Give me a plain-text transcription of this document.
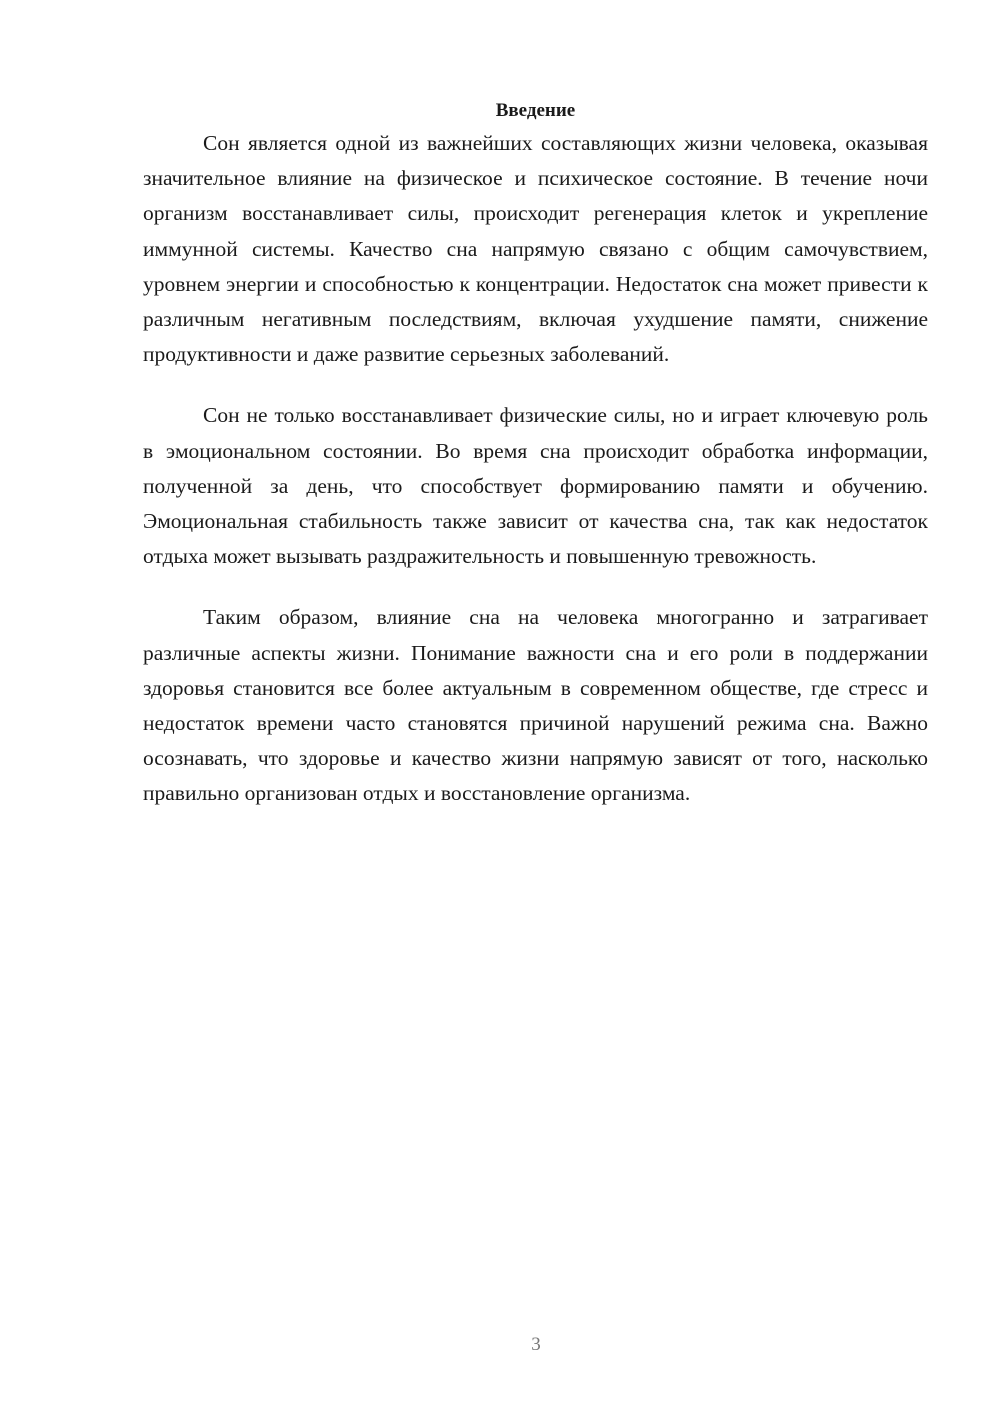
Введение

Сон является одной из важнейших составляющих жизни человека, оказывая значительное влияние на физическое и психическое состояние. В течение ночи организм восстанавливает силы, происходит регенерация клеток и укрепление иммунной системы. Качество сна напрямую связано с общим самочувствием, уровнем энергии и способностью к концентрации. Недостаток сна может привести к различным негативным последствиям, включая ухудшение памяти, снижение продуктивности и даже развитие серьезных заболеваний.

Сон не только восстанавливает физические силы, но и играет ключевую роль в эмоциональном состоянии. Во время сна происходит обработка информации, полученной за день, что способствует формированию памяти и обучению. Эмоциональная стабильность также зависит от качества сна, так как недостаток отдыха может вызывать раздражительность и повышенную тревожность.

Таким образом, влияние сна на человека многогранно и затрагивает различные аспекты жизни. Понимание важности сна и его роли в поддержании здоровья становится все более актуальным в современном обществе, где стресс и недостаток времени часто становятся причиной нарушений режима сна. Важно осознавать, что здоровье и качество жизни напрямую зависят от того, насколько правильно организован отдых и восстановление организма.

3
